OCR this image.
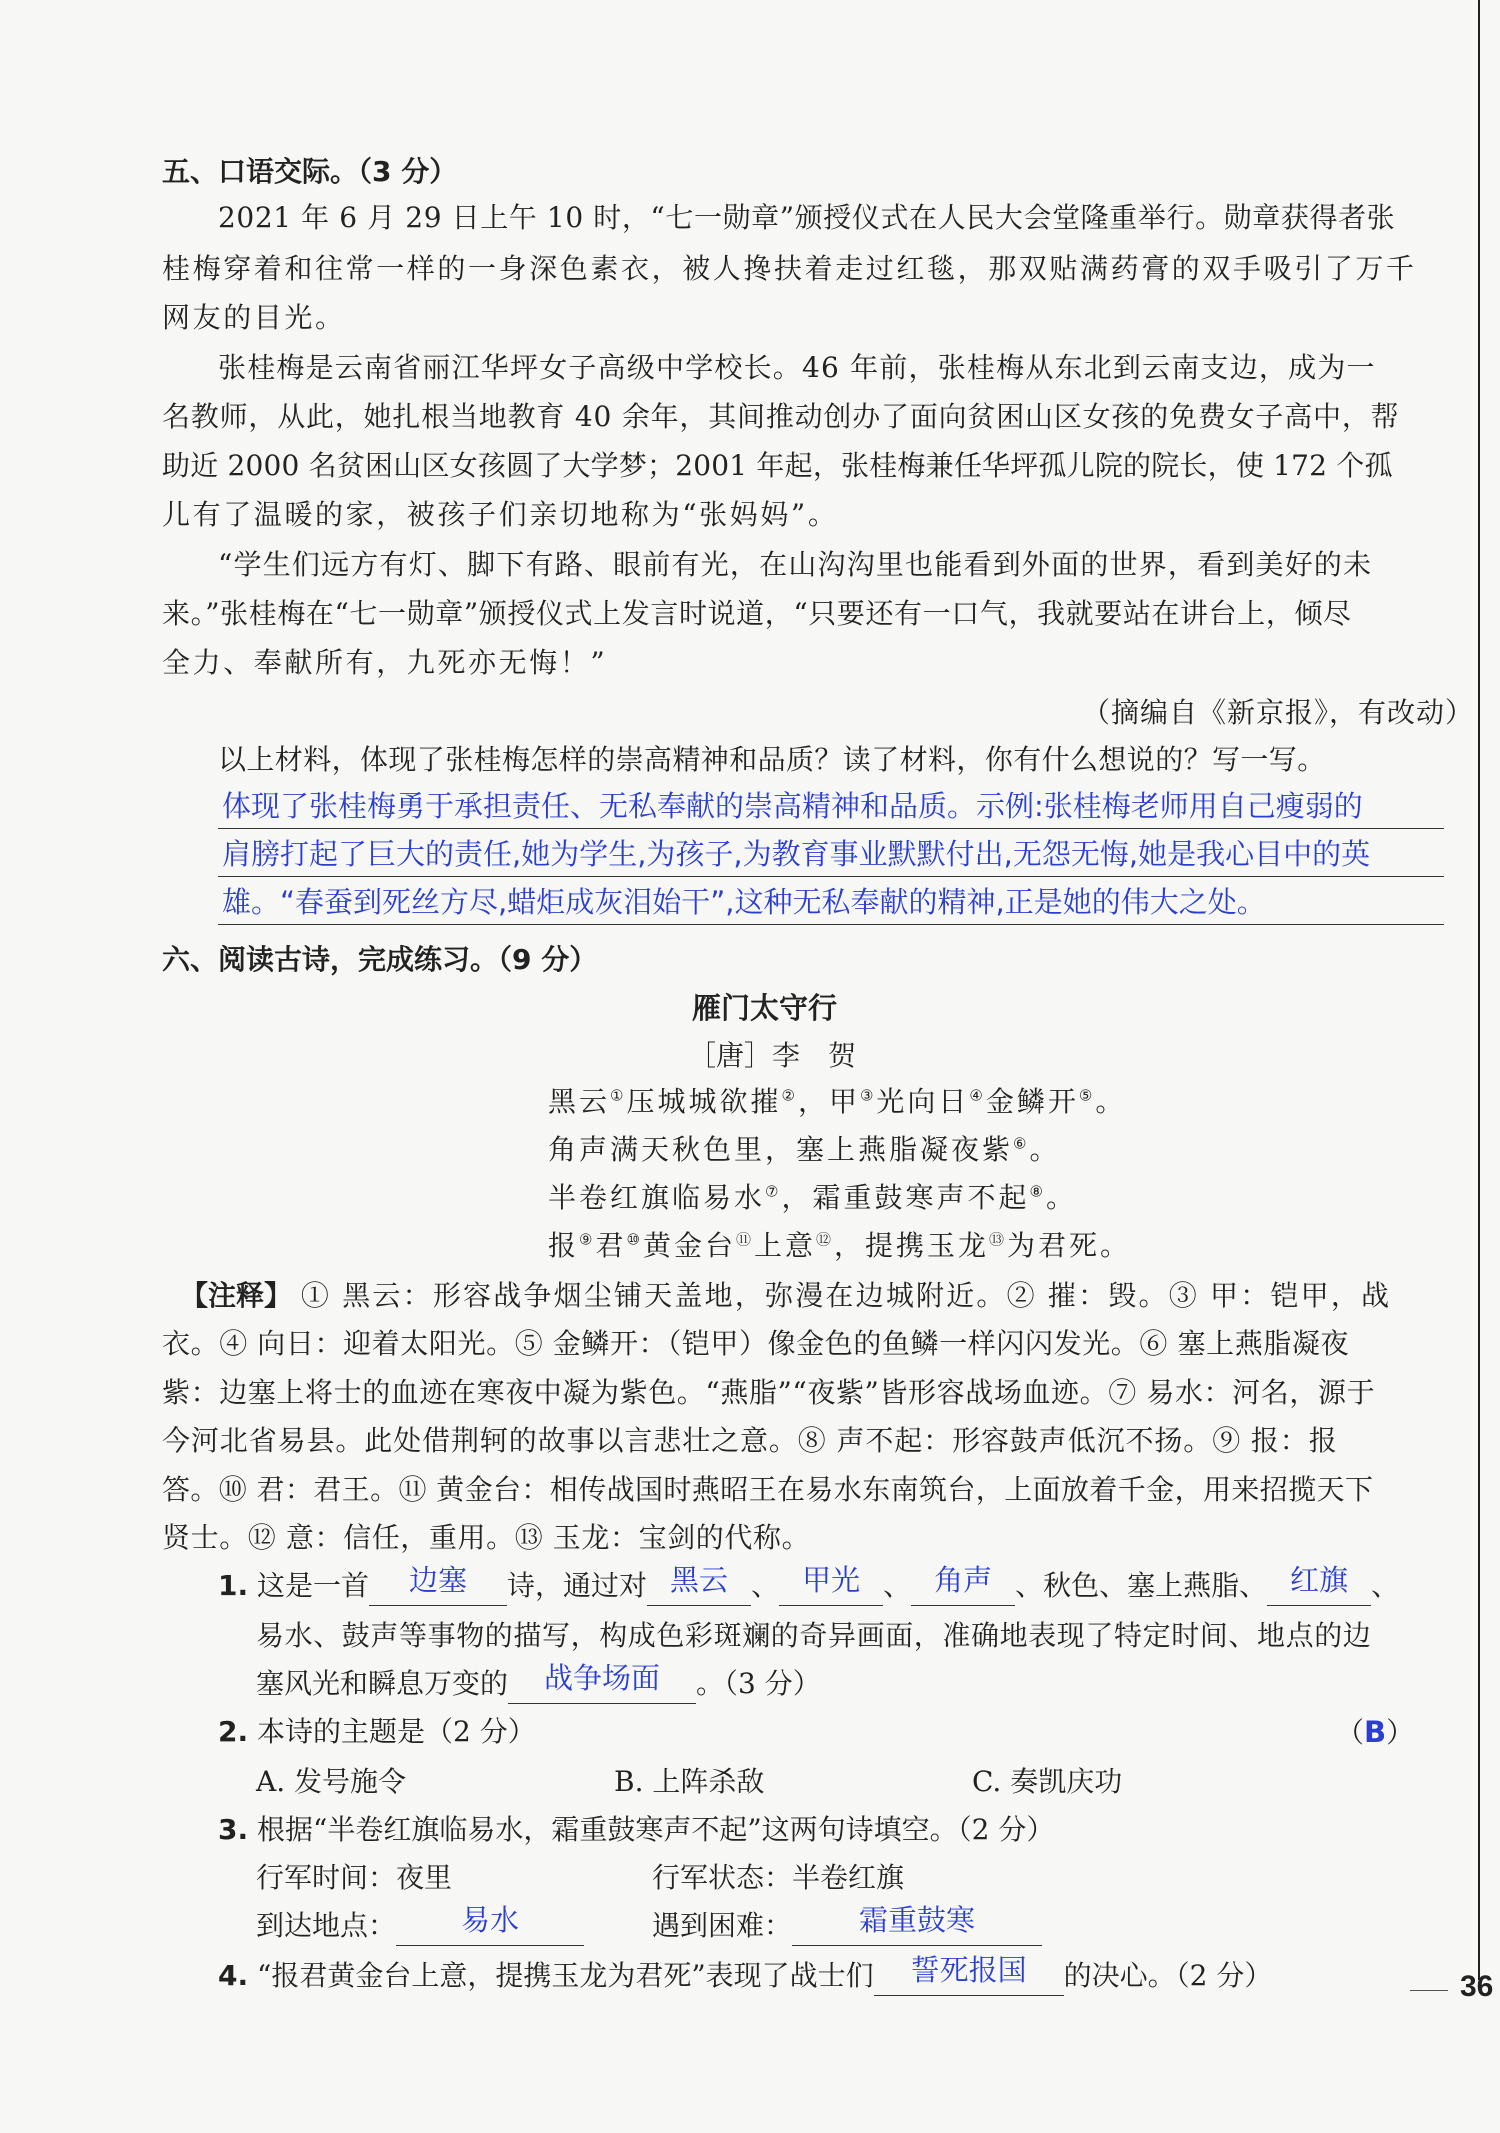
五、口语交际。（3 分）
2021 年 6 月 29 日上午 10 时，“七一勋章”颁授仪式在人民大会堂隆重举行。勋章获得者张
桂梅穿着和往常一样的一身深色素衣，被人搀扶着走过红毯，那双贴满药膏的双手吸引了万千
网友的目光。
张桂梅是云南省丽江华坪女子高级中学校长。46 年前，张桂梅从东北到云南支边，成为一
名教师，从此，她扎根当地教育 40 余年，其间推动创办了面向贫困山区女孩的免费女子高中，帮
助近 2000 名贫困山区女孩圆了大学梦；2001 年起，张桂梅兼任华坪孤儿院的院长，使 172 个孤
儿有了温暖的家，被孩子们亲切地称为“张妈妈”。
“学生们远方有灯、脚下有路、眼前有光，在山沟沟里也能看到外面的世界，看到美好的未
来。”张桂梅在“七一勋章”颁授仪式上发言时说道，“只要还有一口气，我就要站在讲台上，倾尽
全力、奉献所有，九死亦无悔！”
（摘编自《新京报》，有改动）
以上材料，体现了张桂梅怎样的崇高精神和品质？读了材料，你有什么想说的？写一写。
体现了张桂梅勇于承担责任、无私奉献的崇高精神和品质。示例:张桂梅老师用自己瘦弱的
肩膀打起了巨大的责任,她为学生,为孩子,为教育事业默默付出,无怨无悔,她是我心目中的英
雄。“春蚕到死丝方尽,蜡炬成灰泪始干”,这种无私奉献的精神,正是她的伟大之处。
六、阅读古诗，完成练习。（9 分）
雁门太守行
［唐］李　贺
黑云①压城城欲摧②，甲③光向日④金鳞开⑤。
角声满天秋色里，塞上燕脂凝夜紫⑥。
半卷红旗临易水⑦，霜重鼓寒声不起⑧。
报⑨君⑩黄金台⑪上意⑫，提携玉龙⑬为君死。
【注释】 ① 黑云：形容战争烟尘铺天盖地，弥漫在边城附近。② 摧：毁。③ 甲：铠甲，战
衣。④ 向日：迎着太阳光。⑤ 金鳞开：（铠甲）像金色的鱼鳞一样闪闪发光。⑥ 塞上燕脂凝夜
紫：边塞上将士的血迹在寒夜中凝为紫色。“燕脂”“夜紫”皆形容战场血迹。⑦ 易水：河名，源于
今河北省易县。此处借荆轲的故事以言悲壮之意。⑧ 声不起：形容鼓声低沉不扬。⑨ 报：报
答。⑩ 君：君王。⑪ 黄金台：相传战国时燕昭王在易水东南筑台，上面放着千金，用来招揽天下
贤士。⑫ 意：信任，重用。⑬ 玉龙：宝剑的代称。
1. 这是一首 边塞 诗，通过对 黑云 、 甲光 、 角声 、秋色、塞上燕脂、 红旗 、
易水、鼓声等事物的描写，构成色彩斑斓的奇异画面，准确地表现了特定时间、地点的边
塞风光和瞬息万变的 战争场面 。（3 分）
2. 本诗的主题是（2 分）	（B）
A. 发号施令	B. 上阵杀敌	C. 奏凯庆功
3. 根据“半卷红旗临易水，霜重鼓寒声不起”这两句诗填空。（2 分）
行军时间：夜里	行军状态：半卷红旗
到达地点： 易水	遇到困难： 霜重鼓寒
4. “报君黄金台上意，提携玉龙为君死”表现了战士们 誓死报国 的决心。（2 分）	36
